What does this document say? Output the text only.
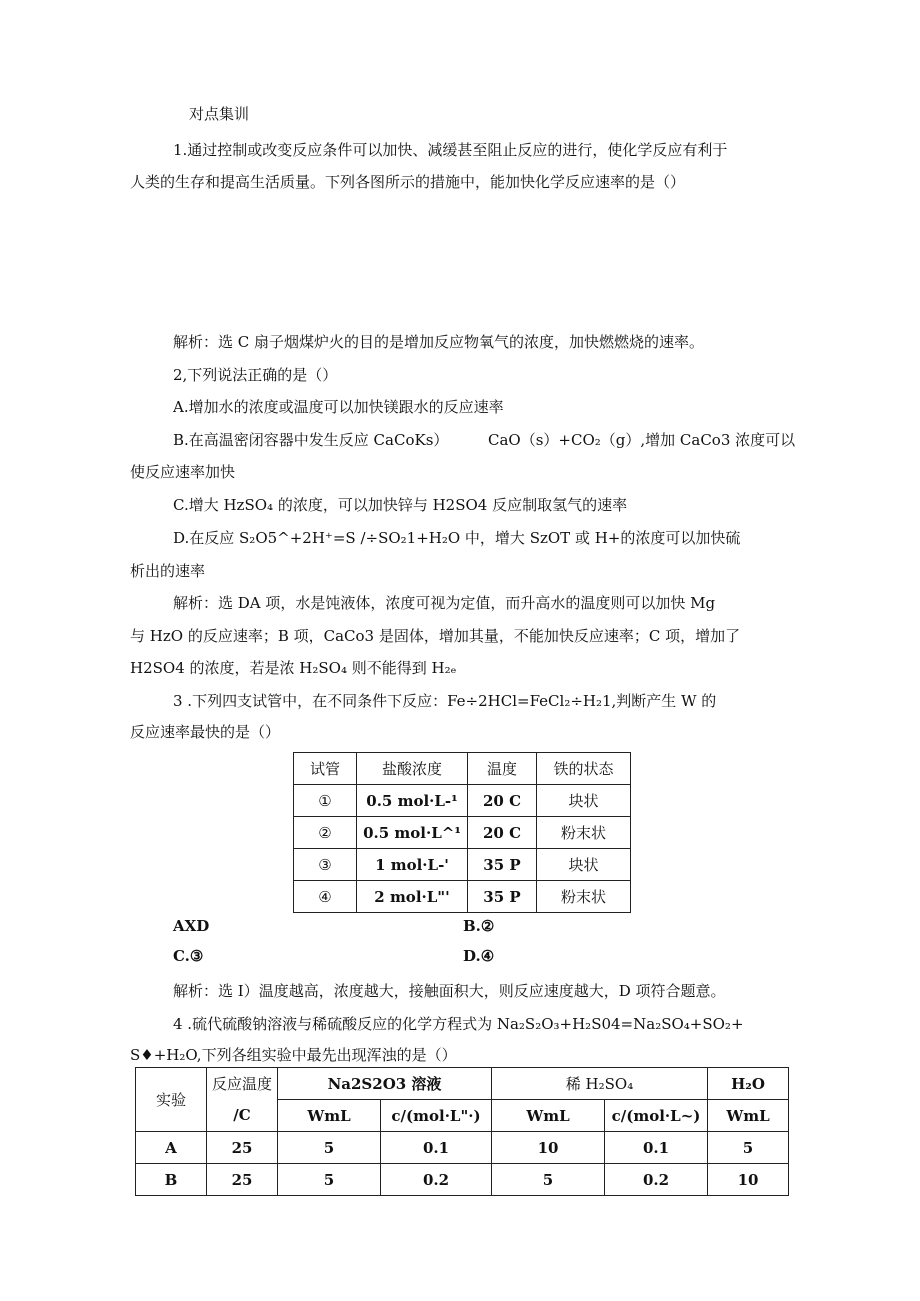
对点集训
1.通过控制或改变反应条件可以加快、减缓甚至阻止反应的进行，使化学反应有利于
人类的生存和提高生活质量。下列各图所示的措施中，能加快化学反应速率的是（）
解析：选 C 扇子烟煤炉火的目的是增加反应物氧气的浓度，加快燃燃烧的速率。
2,下列说法正确的是（）
A.增加水的浓度或温度可以加快镁跟水的反应速率
B.在高温密闭容器中发生反应 CaCoKs）	CaO（s）+CO₂（g）,增加 CaCo3 浓度可以
使反应速率加快
C.增大 HzSO₄ 的浓度，可以加快锌与 H2SO4 反应制取氢气的速率
D.在反应 S₂O5^+2H⁺=S /÷SO₂1+H₂O 中，增大 SzOT 或 H+的浓度可以加快硫
析出的速率
解析：选 DA 项，水是饨液体，浓度可视为定值，而升高水的温度则可以加快 Mg
与 HzO 的反应速率；B 项，CaCo3 是固体，增加其量，不能加快反应速率；C 项，增加了
H2SO4 的浓度，若是浓 H₂SO₄ 则不能得到 H₂ₑ
3 .下列四支试管中，在不同条件下反应：Fe÷2HCl=FeCl₂÷H₂1,判断产生 W 的
反应速率最快的是（）
试管	盐酸浓度	温度	铁的状态
①	0.5 mol·L-¹	20 C	块状
②	0.5 mol·L^¹	20 C	粉末状
③	1 mol·L-'	35 P	块状
④	2 mol·L"'	35 P	粉末状
AXD	B.②
C.③	D.④
解析：选 I）温度越高，浓度越大，接触面积大，则反应速度越大，D 项符合题意。
4 .硫代硫酸钠溶液与稀硫酸反应的化学方程式为 Na₂S₂O₃+H₂S04=Na₂SO₄+SO₂+
S♦+H₂O,下列各组实验中最先出现浑浊的是（）
实验	反应温度	Na2S2O3 溶液		稀 H₂SO₄		H₂O
	/C	WmL	c/(mol·L"·)	WmL	c/(mol·L~)	WmL
A	25	5	0.1	10	0.1	5
B	25	5	0.2	5	0.2	10
